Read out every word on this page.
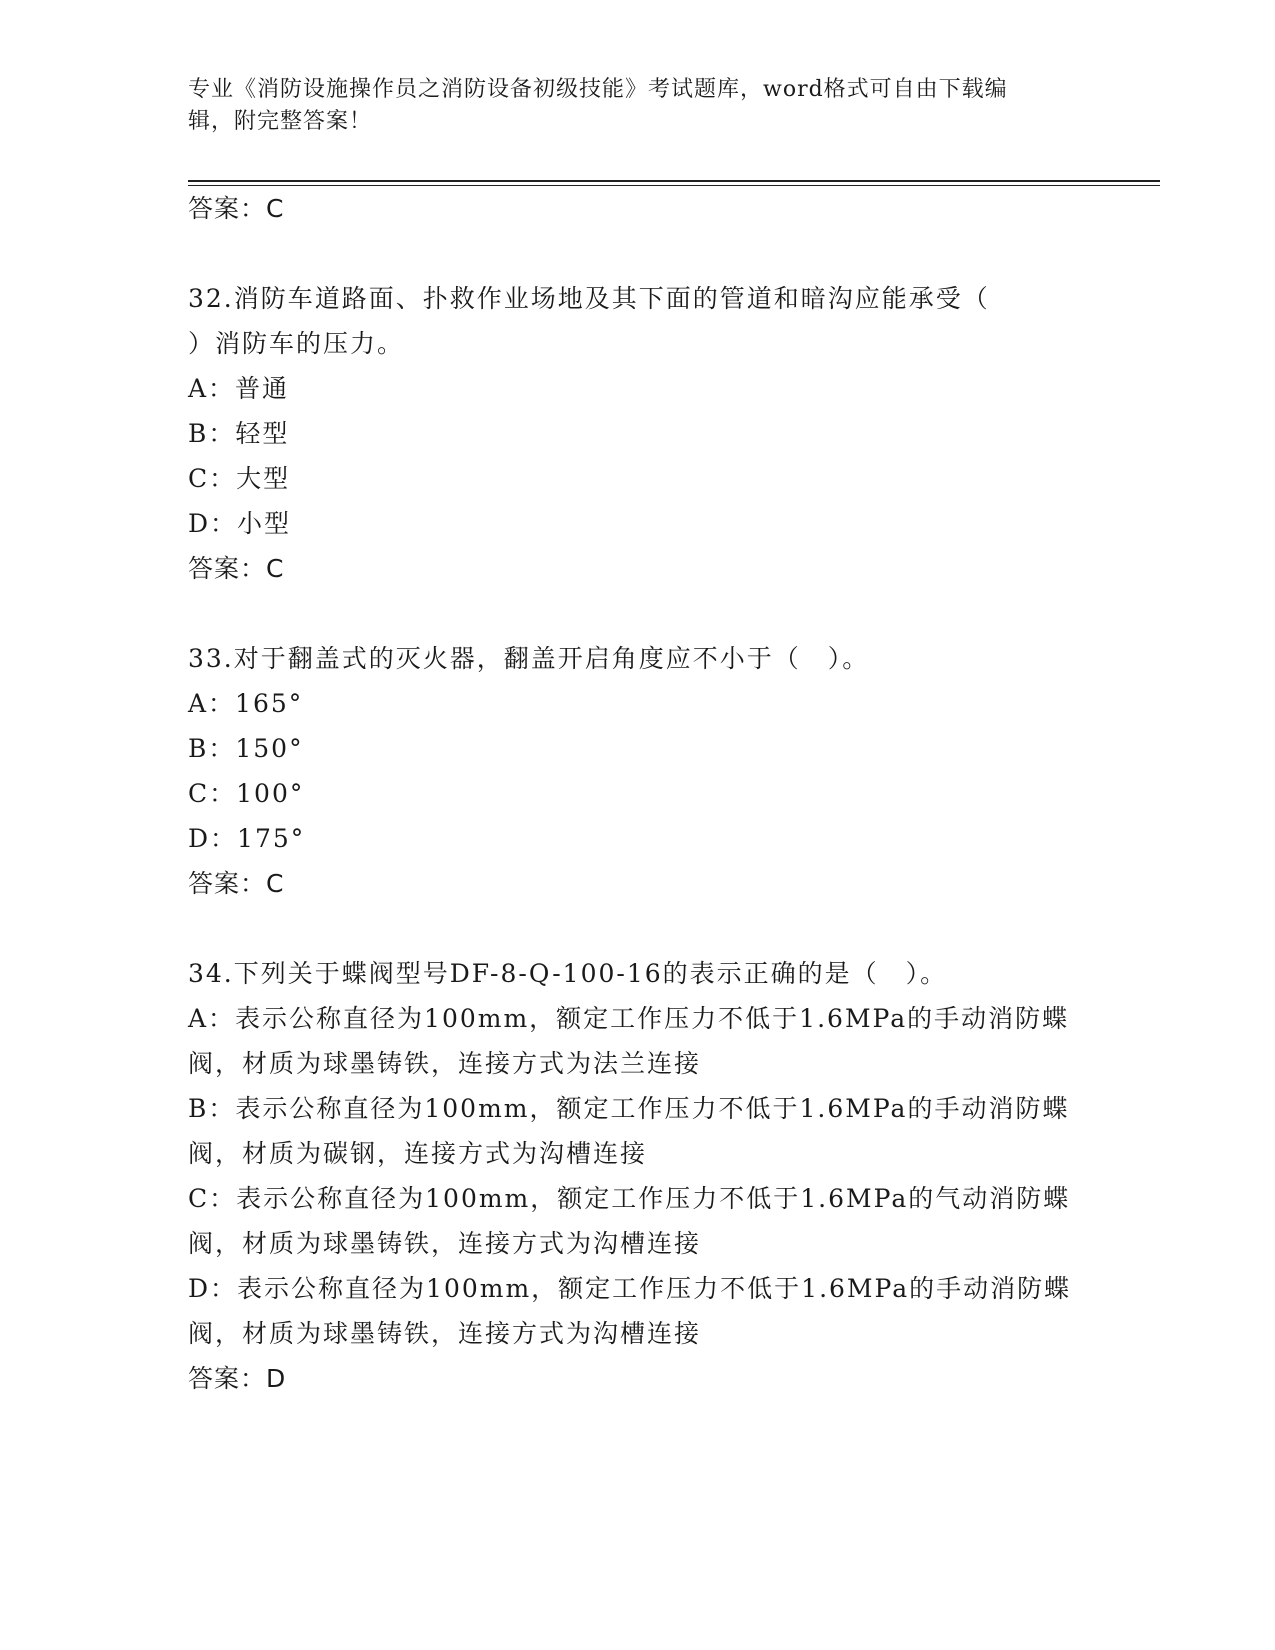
专业《消防设施操作员之消防设备初级技能》考试题库，word格式可自由下载编
辑，附完整答案！
答案：C
32.消防车道路面、扑救作业场地及其下面的管道和暗沟应能承受（
）消防车的压力。
A：普通
B：轻型
C：大型
D：小型
答案：C
33.对于翻盖式的灭火器，翻盖开启角度应不小于（　）。
A：165°
B：150°
C：100°
D：175°
答案：C
34.下列关于蝶阀型号DF-8-Q-100-16的表示正确的是（　）。
A：表示公称直径为100mm，额定工作压力不低于1.6MPa的手动消防蝶
阀，材质为球墨铸铁，连接方式为法兰连接
B：表示公称直径为100mm，额定工作压力不低于1.6MPa的手动消防蝶
阀，材质为碳钢，连接方式为沟槽连接
C：表示公称直径为100mm，额定工作压力不低于1.6MPa的气动消防蝶
阀，材质为球墨铸铁，连接方式为沟槽连接
D：表示公称直径为100mm，额定工作压力不低于1.6MPa的手动消防蝶
阀，材质为球墨铸铁，连接方式为沟槽连接
答案：D
